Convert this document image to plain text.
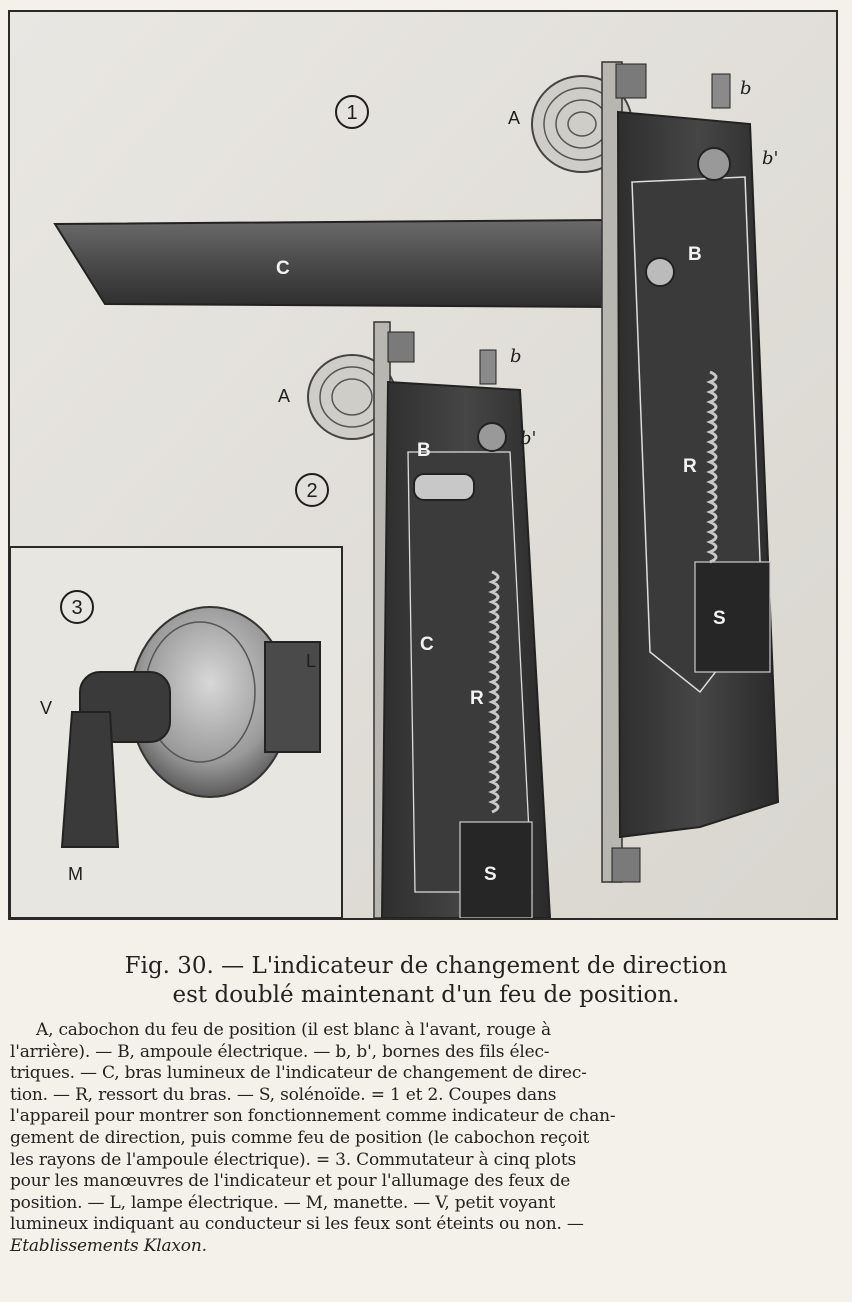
1
2
3
A
b
b'
C
B
R
S
A
b
b'
B
C
R
S
L
V
M
Fig. 30. — L'indicateur de changement de direction
est doublé maintenant d'un feu de position.
A, cabochon du feu de position (il est blanc à l'avant, rouge à
l'arrière). — B, ampoule électrique. — b, b', bornes des fils élec-
triques. — C, bras lumineux de l'indicateur de changement de direc-
tion. — R, ressort du bras. — S, solénoïde. = 1 et 2. Coupes dans
l'appareil pour montrer son fonctionnement comme indicateur de chan-
gement de direction, puis comme feu de position (le cabochon reçoit
les rayons de l'ampoule électrique). = 3. Commutateur à cinq plots
pour les manœuvres de l'indicateur et pour l'allumage des feux de
position. — L, lampe électrique. — M, manette. — V, petit voyant
lumineux indiquant au conducteur si les feux sont éteints ou non. —
Etablissements Klaxon.
